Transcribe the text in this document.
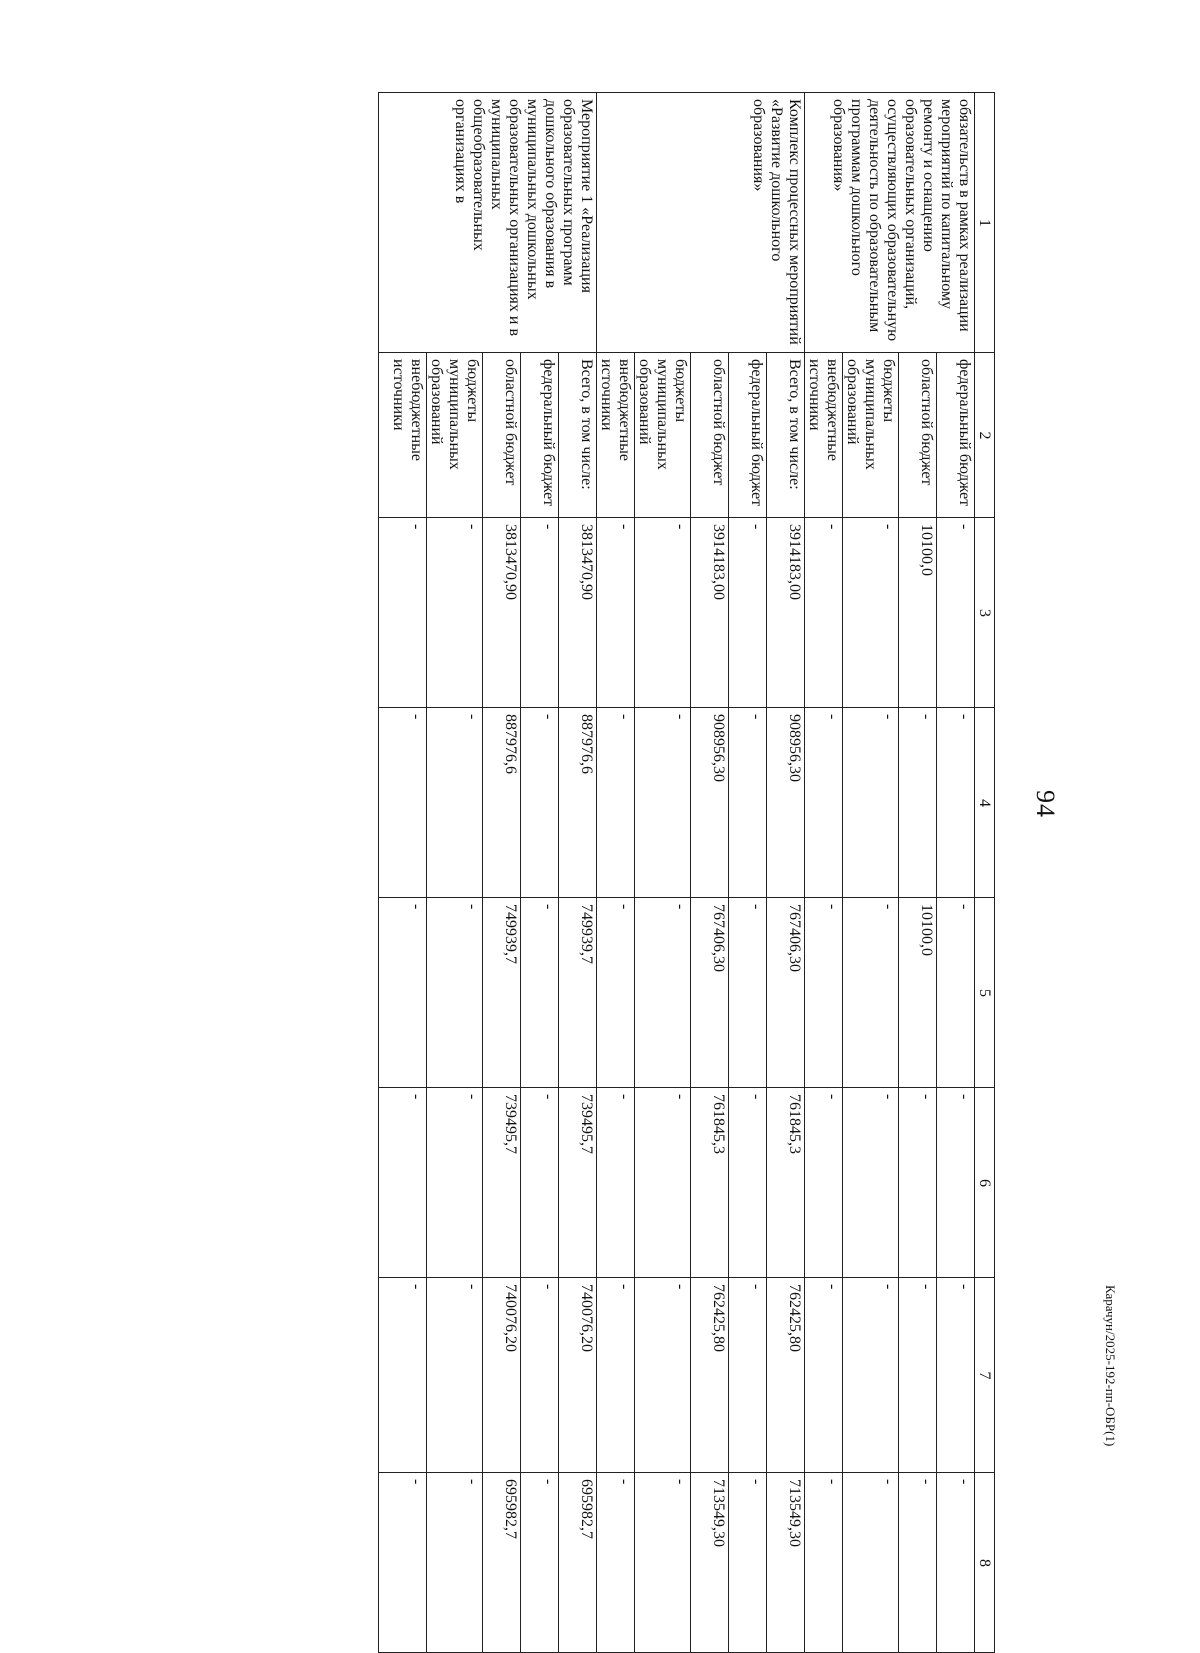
94
Карачун/2025-192-пп-ОБР(1)
1	2	3	4	5	6	7	8
обязательств в рамках реализации мероприятий по капитальному ремонту и оснащению образовательных организаций, осуществляющих образовательную деятельность по образовательным программам дошкольного образования»	федеральный бюджет	-	-	-	-	-	-
	областной бюджет	10100,0	-	10100,0	-	-	-
	бюджеты муниципальных образований	-	-	-	-	-	-
	внебюджетные источники	-	-	-	-	-	-
Комплекс процессных мероприятий «Развитие дошкольного образования»	Всего, в том числе:	3914183,00	908956,30	767406,30	761845,3	762425,80	713549,30
	федеральный бюджет	-	-	-	-	-	-
	областной бюджет	3914183,00	908956,30	767406,30	761845,3	762425,80	713549,30
	бюджеты муниципальных образований	-	-	-	-	-	-
	внебюджетные источники	-	-	-	-	-	-
Мероприятие 1 «Реализация образовательных программ дошкольного образования в муниципальных дошкольных образовательных организациях и в муниципальных общеобразовательных организациях в	Всего, в том числе:	3813470,90	887976,6	749939,7	739495,7	740076,20	695982,7
	федеральный бюджет	-	-	-	-	-	-
	областной бюджет	3813470,90	887976,6	749939,7	739495,7	740076,20	695982,7
	бюджеты муниципальных образований	-	-	-	-	-	-
	внебюджетные источники	-	-	-	-	-	-
